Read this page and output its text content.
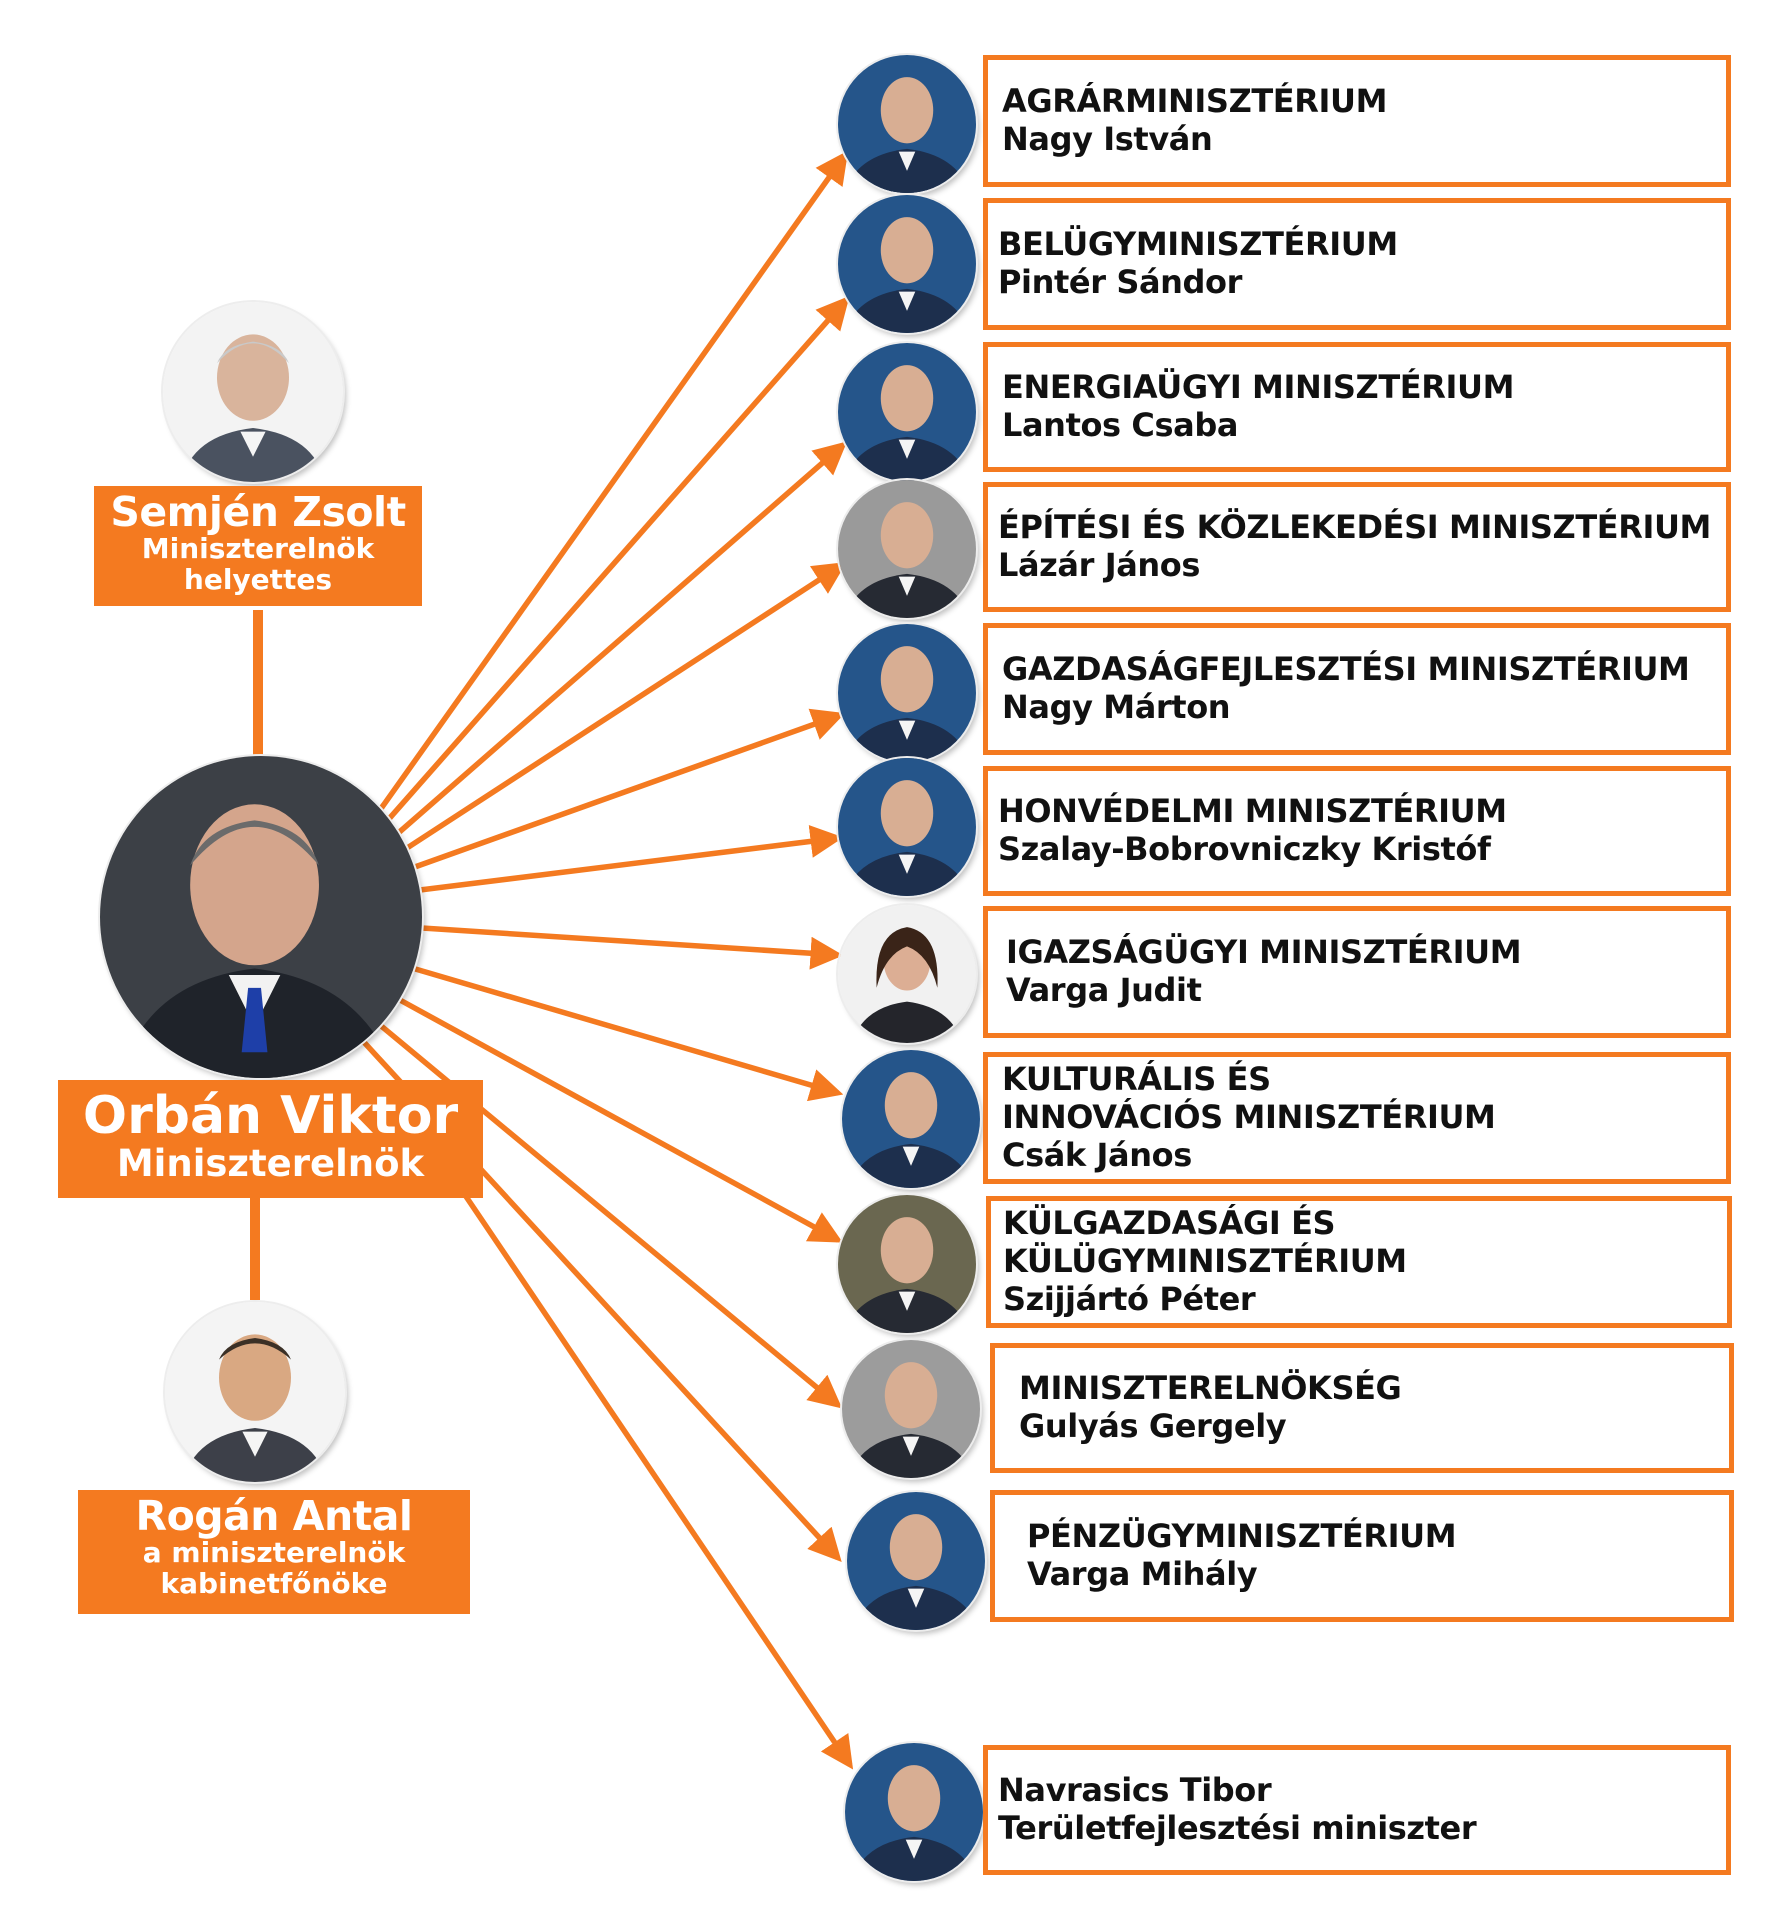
Semjén Zsolt
Miniszterelnök
helyettes
Orbán Viktor
Miniszterelnök
Rogán Antal
a miniszterelnök
kabinetfőnöke
AGRÁRMINISZTÉRIUM
Nagy István
BELÜGYMINISZTÉRIUM
Pintér Sándor
ENERGIAÜGYI MINISZTÉRIUM
Lantos Csaba
ÉPÍTÉSI ÉS KÖZLEKEDÉSI MINISZTÉRIUM
Lázár János
GAZDASÁGFEJLESZTÉSI MINISZTÉRIUM
Nagy Márton
HONVÉDELMI MINISZTÉRIUM
Szalay-Bobrovniczky Kristóf
IGAZSÁGÜGYI MINISZTÉRIUM
Varga Judit
KULTURÁLIS ÉS INNOVÁCIÓS MINISZTÉRIUM
Csák János
KÜLGAZDASÁGI ÉS KÜLÜGYMINISZTÉRIUM
Szijjártó Péter
MINISZTERELNÖKSÉG
Gulyás Gergely
PÉNZÜGYMINISZTÉRIUM
Varga Mihály
Navrasics Tibor
Területfejlesztési miniszter
